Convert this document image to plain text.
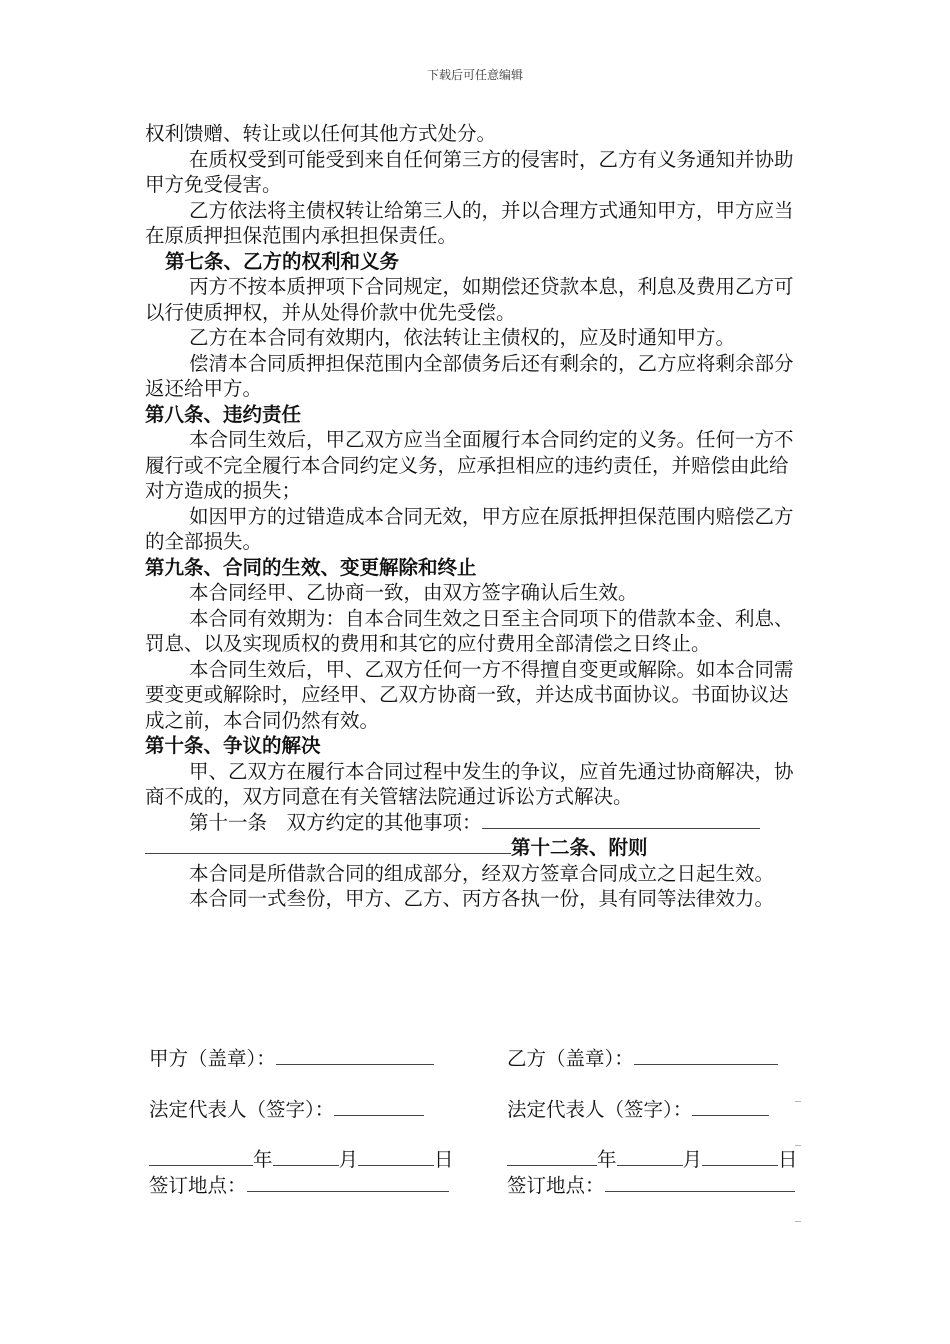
下载后可任意编辑

权利馈赠、转让或以任何其他方式处分。

在质权受到可能受到来自任何第三方的侵害时，乙方有义务通知并协助甲方免受侵害。

乙方依法将主债权转让给第三人的，并以合理方式通知甲方，甲方应当在原质押担保范围内承担担保责任。

第七条、乙方的权利和义务

丙方不按本质押项下合同规定，如期偿还贷款本息，利息及费用乙方可以行使质押权，并从处得价款中优先受偿。

乙方在本合同有效期内，依法转让主债权的，应及时通知甲方。

偿清本合同质押担保范围内全部债务后还有剩余的，乙方应将剩余部分返还给甲方。

第八条、违约责任

本合同生效后，甲乙双方应当全面履行本合同约定的义务。任何一方不履行或不完全履行本合同约定义务，应承担相应的违约责任，并赔偿由此给对方造成的损失；

如因甲方的过错造成本合同无效，甲方应在原抵押担保范围内赔偿乙方的全部损失。

第九条、合同的生效、变更解除和终止

本合同经甲、乙协商一致，由双方签字确认后生效。

本合同有效期为：自本合同生效之日至主合同项下的借款本金、利息、罚息、以及实现质权的费用和其它的应付费用全部清偿之日终止。

本合同生效后，甲、乙双方任何一方不得擅自变更或解除。如本合同需要变更或解除时，应经甲、乙双方协商一致，并达成书面协议。书面协议达成之前，本合同仍然有效。

第十条、争议的解决

甲、乙双方在履行本合同过程中发生的争议，应首先通过协商解决，协商不成的，双方同意在有关管辖法院通过诉讼方式解决。

第十一条　双方约定的其他事项：

第十二条、附则

本合同是所借款合同的组成部分，经双方签章合同成立之日起生效。

本合同一式叁份，甲方、乙方、丙方各执一份，具有同等法律效力。

甲方（盖章）：	乙方（盖章）：
法定代表人（签字）：	法定代表人（签字）：
年	月	日	年	月	日
签订地点：	签订地点：
_
_
_
